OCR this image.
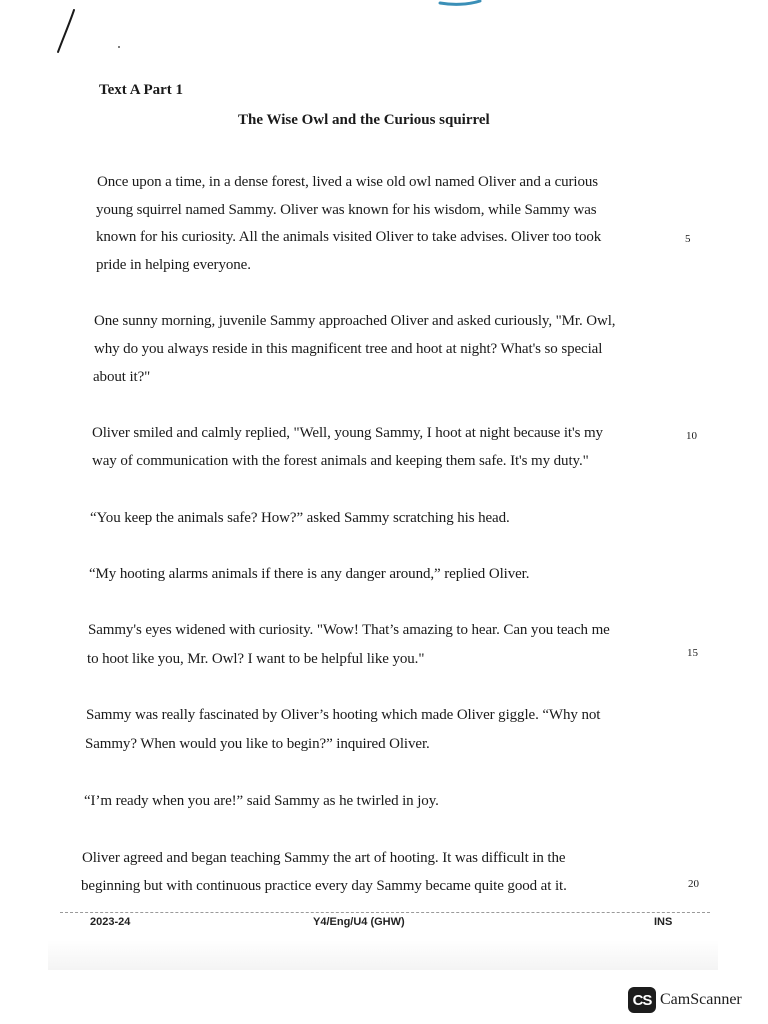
Text A Part 1
The Wise Owl and the Curious squirrel
Once upon a time, in a dense forest, lived a wise old owl named Oliver and a curious
young squirrel named Sammy. Oliver was known for his wisdom, while Sammy was
known for his curiosity. All the animals visited Oliver to take advises. Oliver too took
pride in helping everyone.
One sunny morning, juvenile Sammy approached Oliver and asked curiously, "Mr. Owl,
why do you always reside in this magnificent tree and hoot at night? What's so special
about it?"
Oliver smiled and calmly replied, "Well, young Sammy, I hoot at night because it's my
way of communication with the forest animals and keeping them safe. It's my duty."
“You keep the animals safe? How?” asked Sammy scratching his head.
“My hooting alarms animals if there is any danger around,” replied Oliver.
Sammy's eyes widened with curiosity. "Wow! That’s amazing to hear. Can you teach me
to hoot like you, Mr. Owl? I want to be helpful like you."
Sammy was really fascinated by Oliver’s hooting which made Oliver giggle. “Why not
Sammy? When would you like to begin?” inquired Oliver.
“I’m ready when you are!” said Sammy as he twirled in joy.
Oliver agreed and began teaching Sammy the art of hooting. It was difficult in the
beginning but with continuous practice every day Sammy became quite good at it.
5
10
15
20
2023-24	Y4/Eng/U4 (GHW)	INS
CS CamScanner
